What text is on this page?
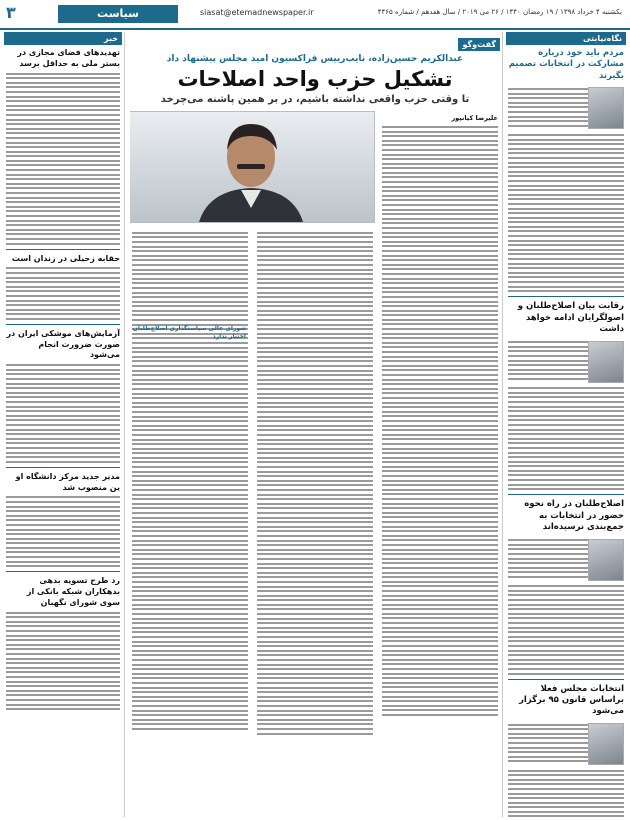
۳	سیاست	siasat@etemadnewspaper.ir	یکشنبه ۴ خرداد ۱۳۹۸ / ۱۹ رمضان ۱۴۴۰ / ۲۶ می ۲۰۱۹ / سال هفدهم / شماره ۴۴۶۵
نگاه‌نیابتی
مردم باید خود درباره مشارکت در انتخابات تصمیم بگیرند
رقابت بیان اصلاح‌طلبان و اصولگرایان ادامه خواهد داشت
اصلاح‌طلبان در راه نحوه حضور در انتخابات به جمع‌بندی نرسیده‌اند
انتخابات مجلس فعلا براساس قانون ۹۵ برگزار می‌شود
گفت‌وگو
عبدالکریم حسین‌زاده، نایب‌رییس فراکسیون امید مجلس پیشنهاد داد
تشکیل حزب واحد اصلاحات
تا وقتی حزب واقعی نداشته باشیم، در بر همین پاشنه می‌چرخد
علیرضا کیانپور
خبر
تهدیدهای فضای مجازی در بستر ملی به حداقل برسد
حقابه زحیلی در زندان است
آزمایش‌های موشکی ایران در صورت ضرورت انجام می‌شود
مدیر جدید مرکز دانشگاه او ین منصوب شد
رد طرح تسویه بدهی بدهکاران شبکه بانکی از سوی شورای نگهبان
شورای عالی سیاستگذاری اصلاح‌طلبان اختیار ندارد
